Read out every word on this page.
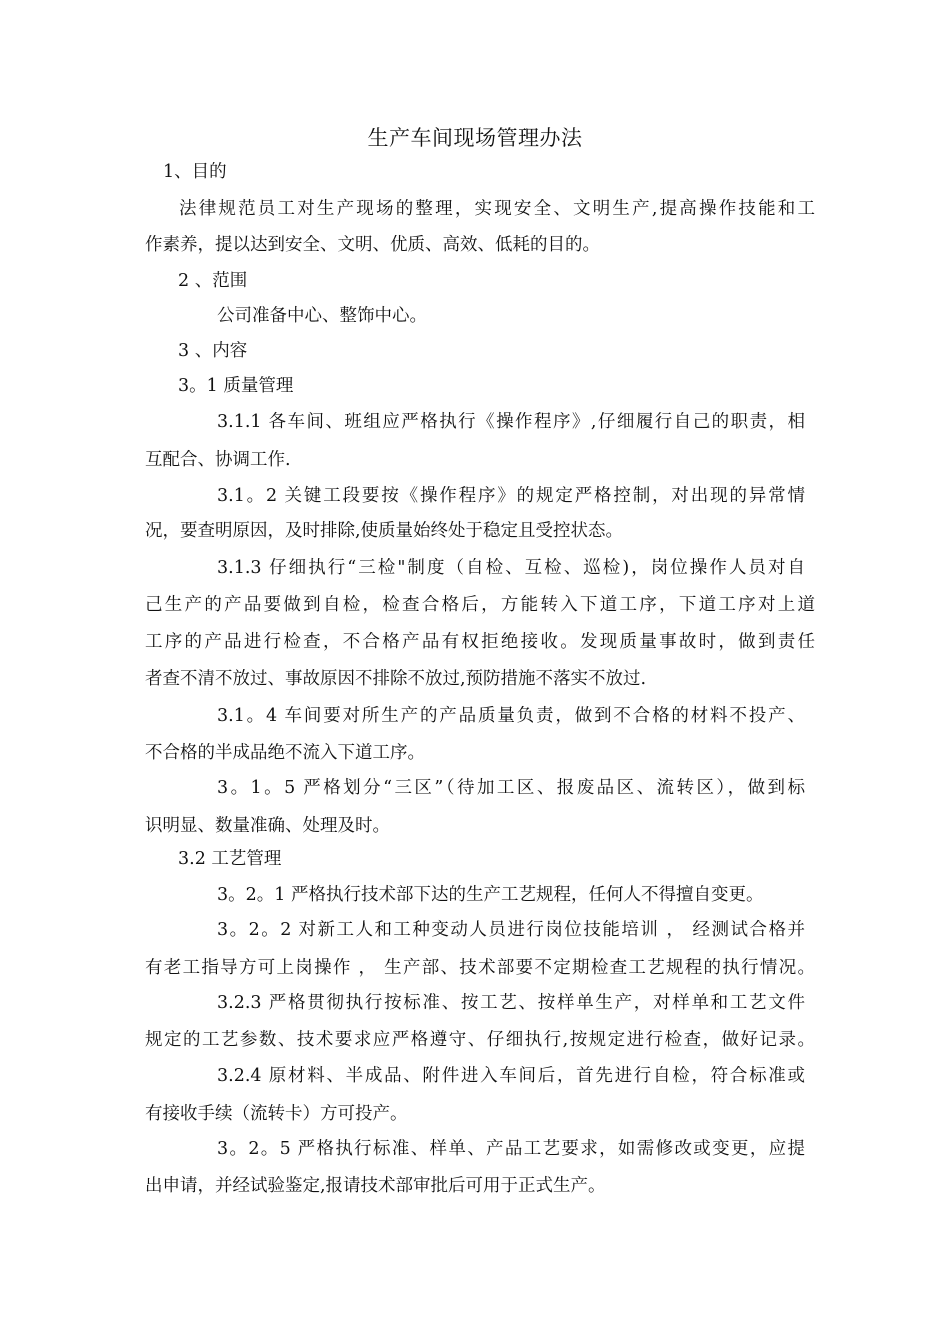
生产车间现场管理办法
1、目的
法律规范员工对生产现场的整理，实现安全、文明生产,提高操作技能和工
作素养，提以达到安全、文明、优质、高效、低耗的目的。
2 、范围
公司准备中心、整饰中心。
3 、内容
3。1 质量管理
3.1.1 各车间、班组应严格执行《操作程序》,仔细履行自己的职责，相
互配合、协调工作.
3.1。2 关键工段要按《操作程序》的规定严格控制，对出现的异常情
况，要查明原因，及时排除,使质量始终处于稳定且受控状态。
3.1.3 仔细执行“三检"制度（自检、互检、巡检)，岗位操作人员对自
己生产的产品要做到自检，检查合格后，方能转入下道工序，下道工序对上道
工序的产品进行检查，不合格产品有权拒绝接收。发现质量事故时，做到责任
者查不清不放过、事故原因不排除不放过,预防措施不落实不放过.
3.1。4 车间要对所生产的产品质量负责，做到不合格的材料不投产、
不合格的半成品绝不流入下道工序。
3。1。5 严格划分“三区”（待加工区、报废品区、流转区），做到标
识明显、数量准确、处理及时。
3.2 工艺管理
3。2。1 严格执行技术部下达的生产工艺规程，任何人不得擅自变更。
3。2。2 对新工人和工种变动人员进行岗位技能培训 ， 经测试合格并
有老工指导方可上岗操作 ， 生产部、技术部要不定期检查工艺规程的执行情况。
3.2.3 严格贯彻执行按标准、按工艺、按样单生产，对样单和工艺文件
规定的工艺参数、技术要求应严格遵守、仔细执行,按规定进行检查，做好记录。
3.2.4 原材料、半成品、附件进入车间后，首先进行自检，符合标准或
有接收手续（流转卡）方可投产。
3。2。5 严格执行标准、样单、产品工艺要求，如需修改或变更，应提
出申请，并经试验鉴定,报请技术部审批后可用于正式生产。
